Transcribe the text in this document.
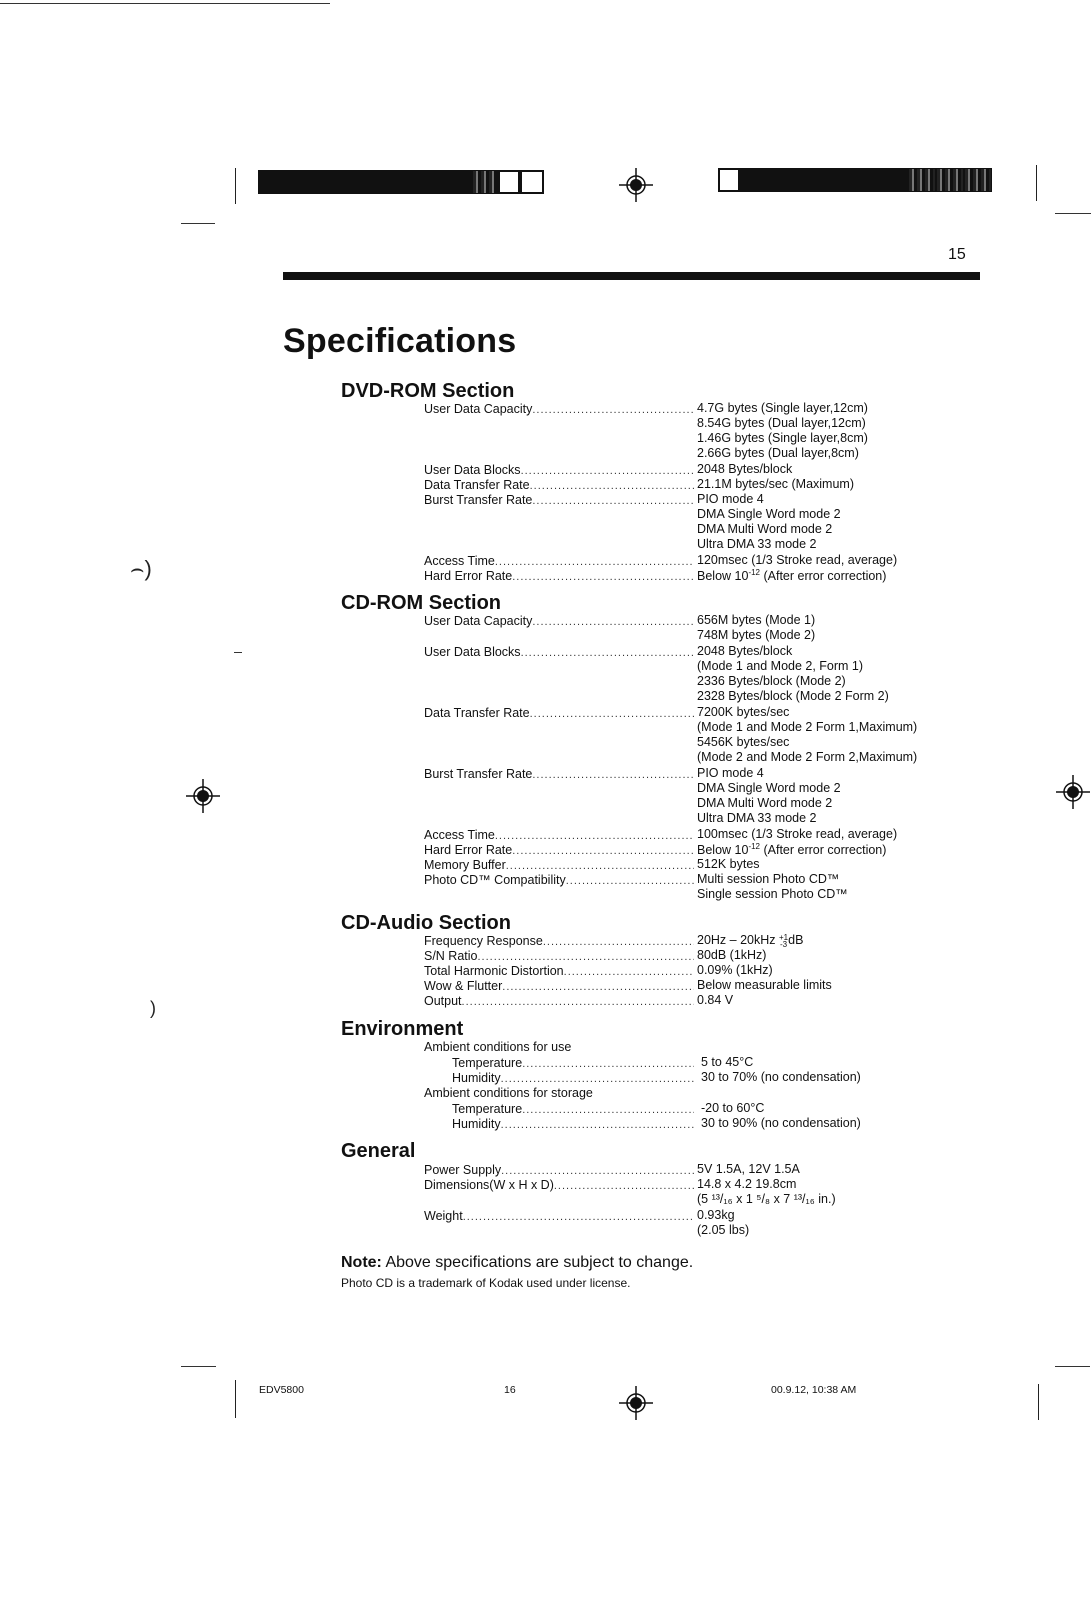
15
Specifications
DVD-ROM Section
User Data Capacity .....	4.7G bytes (Single layer,12cm)
8.54G bytes (Dual layer,12cm)
1.46G bytes (Single layer,8cm)
2.66G bytes (Dual layer,8cm)
User Data Blocks .....	2048 Bytes/block
Data Transfer Rate .....	21.1M bytes/sec (Maximum)
Burst Transfer Rate .....	PIO mode 4
DMA Single Word mode 2
DMA Multi Word mode 2
Ultra DMA 33 mode 2
Access Time .....	120msec (1/3 Stroke read, average)
Hard Error Rate .....	Below $10^{-12}$ (After error correction)
CD-ROM Section
User Data Capacity .....	656M bytes (Mode 1)
748M bytes (Mode 2)
User Data Blocks .....	2048 Bytes/block
(Mode 1 and Mode 2, Form 1)
2336 Bytes/block (Mode 2)
2328 Bytes/block (Mode 2 Form 2)
Data Transfer Rate .....	7200K bytes/sec
(Mode 1 and Mode 2 Form 1,Maximum)
5456K bytes/sec
(Mode 2 and Mode 2 Form 2,Maximum)
Burst Transfer Rate .....	PIO mode 4
DMA Single Word mode 2
DMA Multi Word mode 2
Ultra DMA 33 mode 2
Access Time .....	100msec (1/3 Stroke read, average)
Hard Error Rate .....	Below $10^{-12}$ (After error correction)
Memory Buffer .....	512K bytes
Photo CD™ Compatibility .....	Multi session Photo CD™
Single session Photo CD™
CD-Audio Section
Frequency Response .....	20Hz – 20kHz +1
-3dB
S/N Ratio .....	80dB (1kHz)
Total Harmonic Distortion .....	0.09% (1kHz)
Wow & Flutter .....	Below measurable limits
Output .....	0.84 V
Environment
Ambient conditions for use
Temperature .....	5 to 45°C
Humidity .....	30 to 70% (no condensation)
Ambient conditions for storage
Temperature .....	-20 to 60°C
Humidity .....	30 to 90% (no condensation)
General
Power Supply .....	5V 1.5A, 12V 1.5A
Dimensions(W x H x D) .....	14.8 x 4.2 19.8cm
(5 ¹³/₁₆ x 1 ⁵/₈ x 7 ¹³/₁₆ in.)
Weight .....	0.93kg
(2.05 lbs)
Note: Above specifications are subject to change.
Photo CD is a trademark of Kodak used under license.
⌢)
)
EDV5800	16	00.9.12, 10:38 AM
